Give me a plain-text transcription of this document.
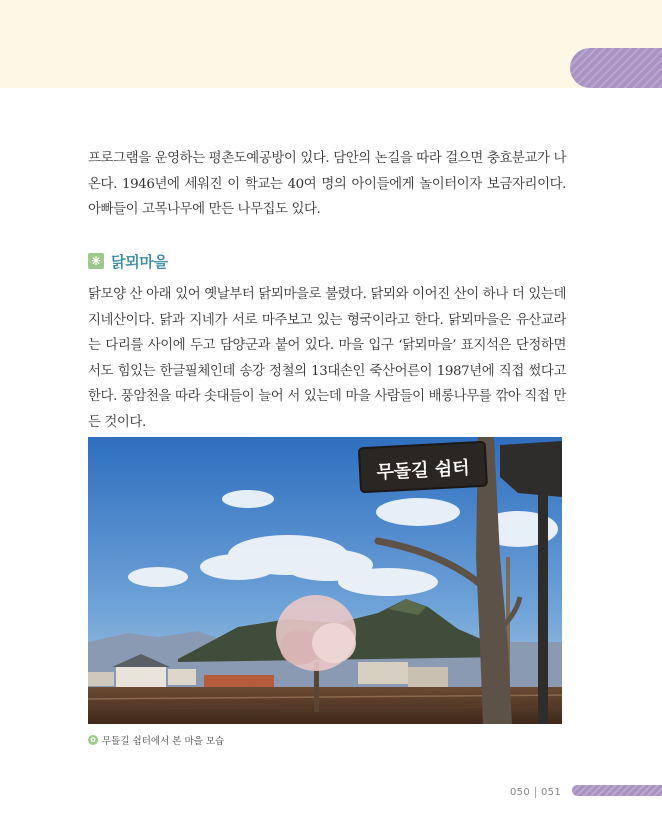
프로그램을 운영하는 평촌도예공방이 있다. 담안의 논길을 따라 걸으면 충효분교가 나온다. 1946년에 세워진 이 학교는 40여 명의 아이들에게 놀이터이자 보금자리이다. 아빠들이 고목나무에 만든 나무집도 있다.

❋ 닭뫼마을

닭모양 산 아래 있어 옛날부터 닭뫼마을로 불렸다. 닭뫼와 이어진 산이 하나 더 있는데 지네산이다. 닭과 지네가 서로 마주보고 있는 형국이라고 한다. 닭뫼마을은 유산교라는 다리를 사이에 두고 담양군과 붙어 있다. 마을 입구 ‘닭뫼마을’ 표지석은 단정하면서도 힘있는 한글필체인데 송강 정철의 13대손인 죽산어른이 1987년에 직접 썼다고 한다. 풍암천을 따라 솟대들이 늘어 서 있는데 마을 사람들이 배롱나무를 깎아 직접 만든 것이다.

무돌길 쉼터
✿ 무돌길 쉼터에서 본 마을 모습
050 051
